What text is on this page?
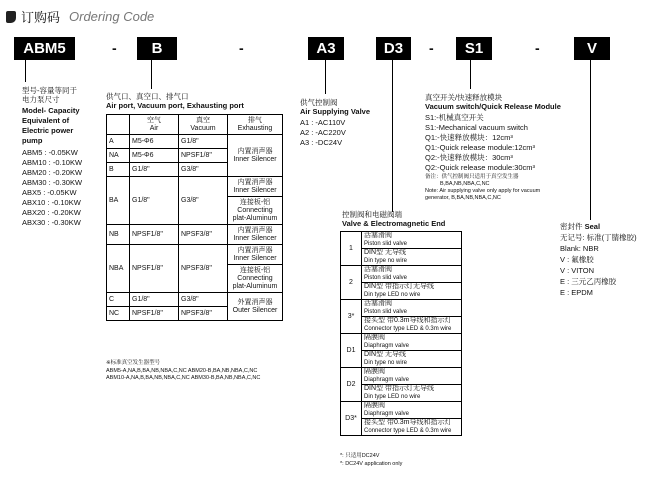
订购码 Ordering Code
ABM5	-	B	-	A3	D3	-	S1	-	V
型号-容量等同于
电力泵尺寸
Model- Capacity
Equivalent of
Electric power
pump
ABM5 : -0.05KW
ABM10 : -0.10KW
ABM20 : -0.20KW
ABM30 : -0.30KW
ABX5 : -0.05KW
ABX10 : -0.10KW
ABX20 : -0.20KW
ABX30 : -0.30KW
供气口、真空口、排气口
Air port, Vacuum port, Exhausting port
	空气
Air	真空
Vacuum	排气
Exhausting
A	M5-Φ6	G1/8"	内置消声器
Inner Silencer
NA	M5-Φ6	NPSF1/8"	
B	G1/8"	G3/8"	
BA	G1/8"	G3/8"	内置消声器
Inner Silencer
			连接板-铝
Connecting
plat-Aluminum
NB	NPSF1/8"	NPSF3/8"	内置消声器
Inner Silencer
NBA	NPSF1/8"	NPSF3/8"	内置消声器
Inner Silencer
			连接板-铝
Connecting
plat-Aluminum
C	G1/8"	G3/8"	外置消声器
Outer Silencer
NC	NPSF1/8"	NPSF3/8"	
※标准真空发生器型号
ABM5-A,NA,B,BA,NB,NBA,C,NC ABM20-B,BA,NB,NBA,C,NC
ABM10-A,NA,B,BA,NB,NBA,C,NC ABM30-B,BA,NB,NBA,C,NC
供气控制阀
Air Supplying Valve
A1 : -AC110V
A2 : -AC220V
A3 : -DC24V
控制阀和电磁阀端
Valve & Electromagnetic End
1	活塞滑阀
Piston slid valve
	DIN型 无导线
Din type no wire
2	活塞滑阀
Piston slid valve
	DIN型 带指示灯无导线
Din type LED no wire
3*	活塞滑阀
Piston slid valve
	接头型 带0.3m导线和指示灯
Connector type LED & 0.3m wire
D1	隔膜阀
Diaphragm valve
	DIN型 无导线
Din type no wire
D2	隔膜阀
Diaphragm valve
	DIN型 带指示灯无导线
Din type LED no wire
D3*	隔膜阀
Diaphragm valve
	接头型 带0.3m导线和指示灯
Connector type LED & 0.3m wire
*: 只适用DC24V
*: DC24V application only
真空开关/快速释放模块
Vacuum switch/Quick Release Module
S1:-机械真空开关
S1:-Mechanical vacuum switch
Q1:-快速释放模块：12cm³
Q1:-Quick release module:12cm³
Q2:-快速释放模块：30cm³
Q2:-Quick release module:30cm³
备注：供气控制阀只适用于真空发生器
B,BA,NB,NBA,C,NC
Note: Air supplying valve only apply for vacuum
generator, B,BA,NB,NBA,C,NC
密封件 Seal
无记号: 标准(丁腈橡胶)
Blank: NBR
V : 氟橡胶
V : VITON
E : 三元乙丙橡胶
E : EPDM
